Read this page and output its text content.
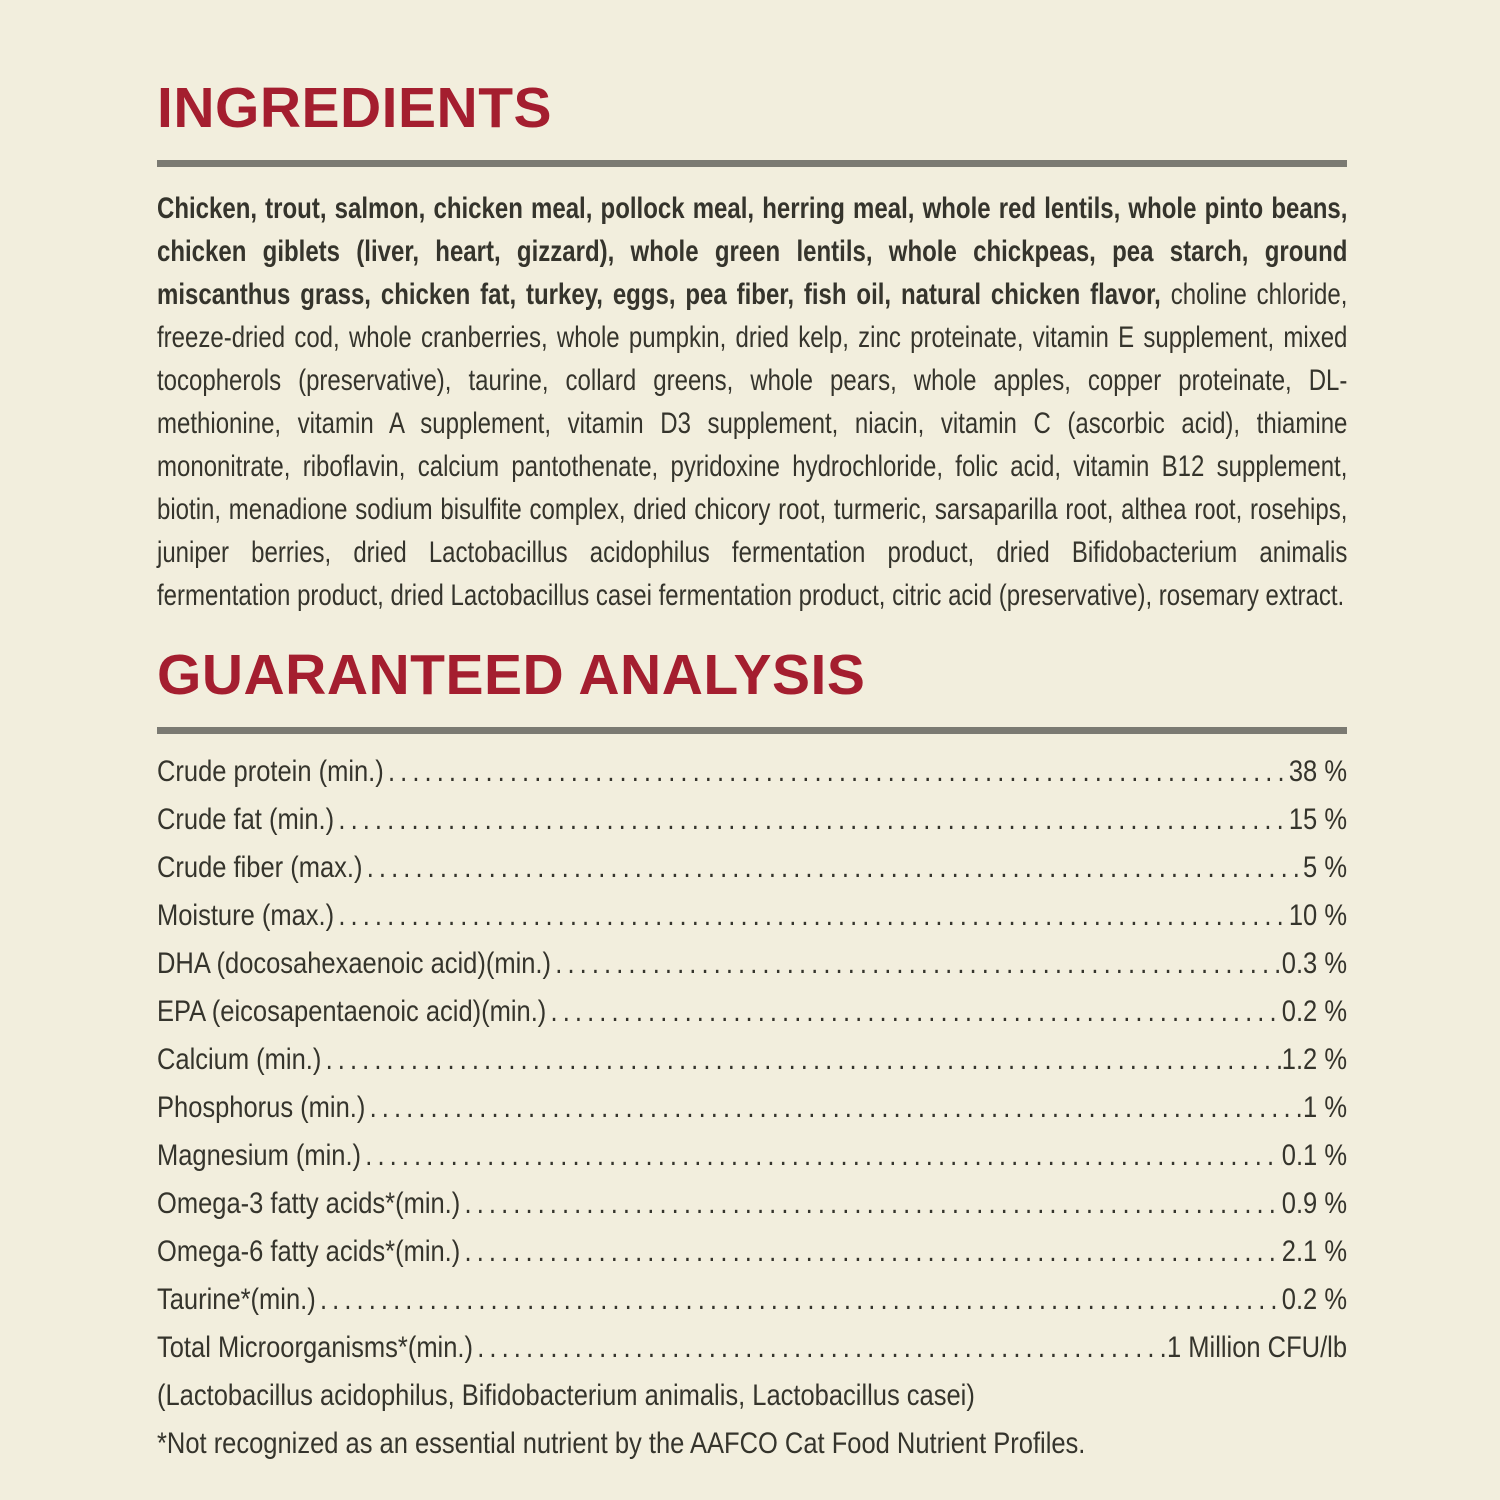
INGREDIENTS

Chicken, trout, salmon, chicken meal, pollock meal, herring meal, whole red lentils, whole pinto beans, chicken giblets (liver, heart, gizzard), whole green lentils, whole chickpeas, pea starch, ground miscanthus grass, chicken fat, turkey, eggs, pea fiber, fish oil, natural chicken flavor, choline chloride, freeze-dried cod, whole cranberries, whole pumpkin, dried kelp, zinc proteinate, vitamin E supplement, mixed tocopherols (preservative), taurine, collard greens, whole pears, whole apples, copper proteinate, DL-methionine, vitamin A supplement, vitamin D3 supplement, niacin, vitamin C (ascorbic acid), thiamine mononitrate, riboflavin, calcium pantothenate, pyridoxine hydrochloride, folic acid, vitamin B12 supplement, biotin, menadione sodium bisulfite complex, dried chicory root, turmeric, sarsaparilla root, althea root, rosehips, juniper berries, dried Lactobacillus acidophilus fermentation product, dried Bifidobacterium animalis fermentation product, dried Lactobacillus casei fermentation product, citric acid (preservative), rosemary extract.

GUARANTEED ANALYSIS
Crude protein (min.) .....	38 %
Crude fat (min.) .....	15 %
Crude fiber (max.) .....	5 %
Moisture (max.) .....	10 %
DHA (docosahexaenoic acid)(min.) .....	0.3 %
EPA (eicosapentaenoic acid)(min.) .....	0.2 %
Calcium (min.) .....	1.2 %
Phosphorus (min.) .....	1 %
Magnesium (min.) .....	0.1 %
Omega-3 fatty acids*(min.) .....	0.9 %
Omega-6 fatty acids*(min.) .....	2.1 %
Taurine*(min.) .....	0.2 %
Total Microorganisms*(min.) .....	1 Million CFU/lb
(Lactobacillus acidophilus, Bifidobacterium animalis, Lactobacillus casei)
*Not recognized as an essential nutrient by the AAFCO Cat Food Nutrient Profiles.
